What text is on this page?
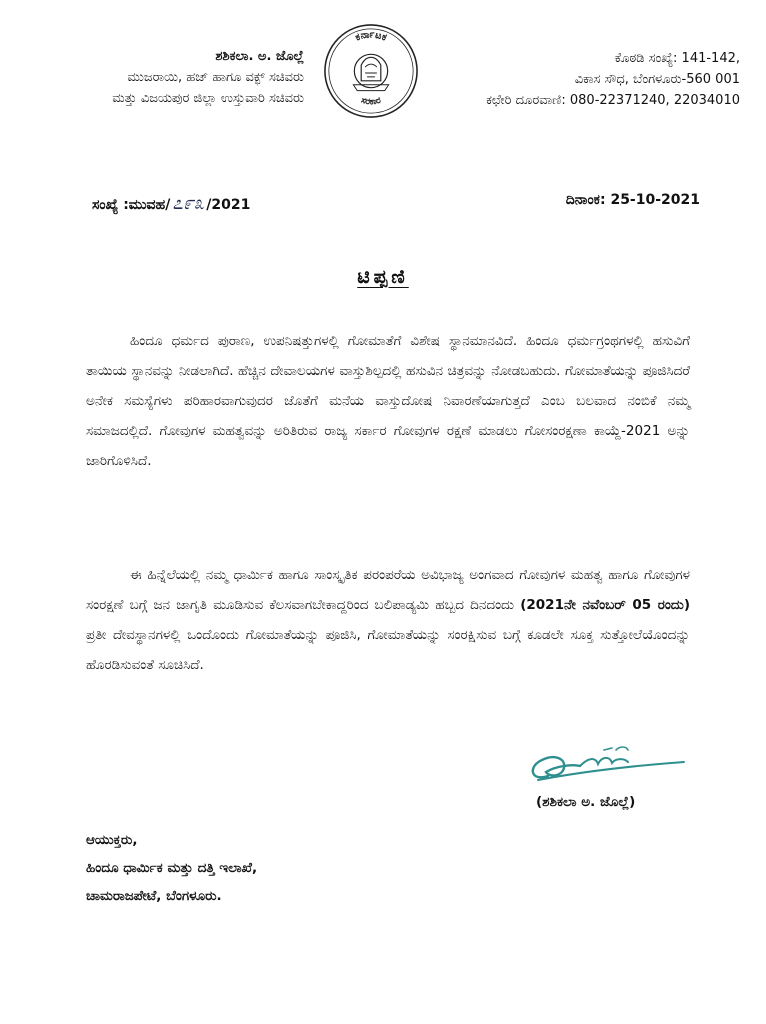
ಶಶಿಕಲಾ. ಅ. ಜೊಲ್ಲೆ
ಮುಜರಾಯಿ, ಹಜ್ ಹಾಗೂ ವಕ್ಫ್ ಸಚಿವರು
ಮತ್ತು ವಿಜಯಪುರ ಜಿಲ್ಲಾ ಉಸ್ತುವಾರಿ ಸಚಿವರು
ಕರ್ನಾಟಕ
ಸರಕಾರ
ಕೊಠಡಿ ಸಂಖ್ಯೆ: 141-142,
ವಿಕಾಸ ಸೌಧ, ಬೆಂಗಳೂರು-560 001
ಕಛೇರಿ ದೂರವಾಣಿ: 080-22371240, 22034010
ಸಂಖ್ಯೆ :ಮುವಹ/ ೭೯೩ /2021	ದಿನಾಂಕ: 25-10-2021
ಟಿಪ್ಪಣಿ

ಹಿಂದೂ ಧರ್ಮದ ಪುರಾಣ, ಉಪನಿಷತ್ತುಗಳಲ್ಲಿ ಗೋಮಾತೆಗೆ ವಿಶೇಷ ಸ್ಥಾನಮಾನವಿದೆ. ಹಿಂದೂ ಧರ್ಮಗ್ರಂಥಗಳಲ್ಲಿ ಹಸುವಿಗೆ ತಾಯಿಯ ಸ್ಥಾನವನ್ನು ನೀಡಲಾಗಿದೆ. ಹೆಚ್ಚಿನ ದೇವಾಲಯಗಳ ವಾಸ್ತುಶಿಲ್ಪದಲ್ಲಿ ಹಸುವಿನ ಚಿತ್ರವನ್ನು ನೋಡಬಹುದು. ಗೋಮಾತೆಯನ್ನು ಪೂಜಿಸಿದರೆ ಅನೇಕ ಸಮಸ್ಯೆಗಳು ಪರಿಹಾರವಾಗುವುದರ ಜೊತೆಗೆ ಮನೆಯ ವಾಸ್ತುದೋಷ ನಿವಾರಣೆಯಾಗುತ್ತದೆ ಎಂಬ ಬಲವಾದ ನಂಬಿಕೆ ನಮ್ಮ ಸಮಾಜದಲ್ಲಿದೆ. ಗೋವುಗಳ ಮಹತ್ವವನ್ನು ಅರಿತಿರುವ ರಾಜ್ಯ ಸರ್ಕಾರ ಗೋವುಗಳ ರಕ್ಷಣೆ ಮಾಡಲು ಗೋಸಂರಕ್ಷಣಾ ಕಾಯ್ದೆ-2021 ಅನ್ನು ಜಾರಿಗೊಳಿಸಿದೆ.

ಈ ಹಿನ್ನೆಲೆಯಲ್ಲಿ ನಮ್ಮ ಧಾರ್ಮಿಕ ಹಾಗೂ ಸಾಂಸ್ಕೃತಿಕ ಪರಂಪರೆಯ ಅವಿಭಾಜ್ಯ ಅಂಗವಾದ ಗೋವುಗಳ ಮಹತ್ವ ಹಾಗೂ ಗೋವುಗಳ ಸಂರಕ್ಷಣೆ ಬಗ್ಗೆ ಜನ ಜಾಗೃತಿ ಮೂಡಿಸುವ ಕೆಲಸವಾಗಬೇಕಾದ್ದರಿಂದ ಬಲಿಪಾಡ್ಯಮಿ ಹಬ್ಬದ ದಿನದಂದು (2021ನೇ ನವೆಂಬರ್ 05 ರಂದು) ಪ್ರತೀ ದೇವಸ್ಥಾನಗಳಲ್ಲಿ ಒಂದೊಂದು ಗೋಮಾತೆಯನ್ನು ಪೂಜಿಸಿ, ಗೋಮಾತೆಯನ್ನು ಸಂರಕ್ಷಿಸುವ ಬಗ್ಗೆ ಕೂಡಲೇ ಸೂಕ್ತ ಸುತ್ತೋಲೆಯೊಂದನ್ನು ಹೊರಡಿಸುವಂತೆ ಸೂಚಿಸಿದೆ.

(ಶಶಿಕಲಾ ಅ. ಜೊಲ್ಲೆ)
ಆಯುಕ್ತರು,
ಹಿಂದೂ ಧಾರ್ಮಿಕ ಮತ್ತು ದತ್ತಿ ಇಲಾಖೆ,
ಚಾಮರಾಜಪೇಟೆ, ಬೆಂಗಳೂರು.
